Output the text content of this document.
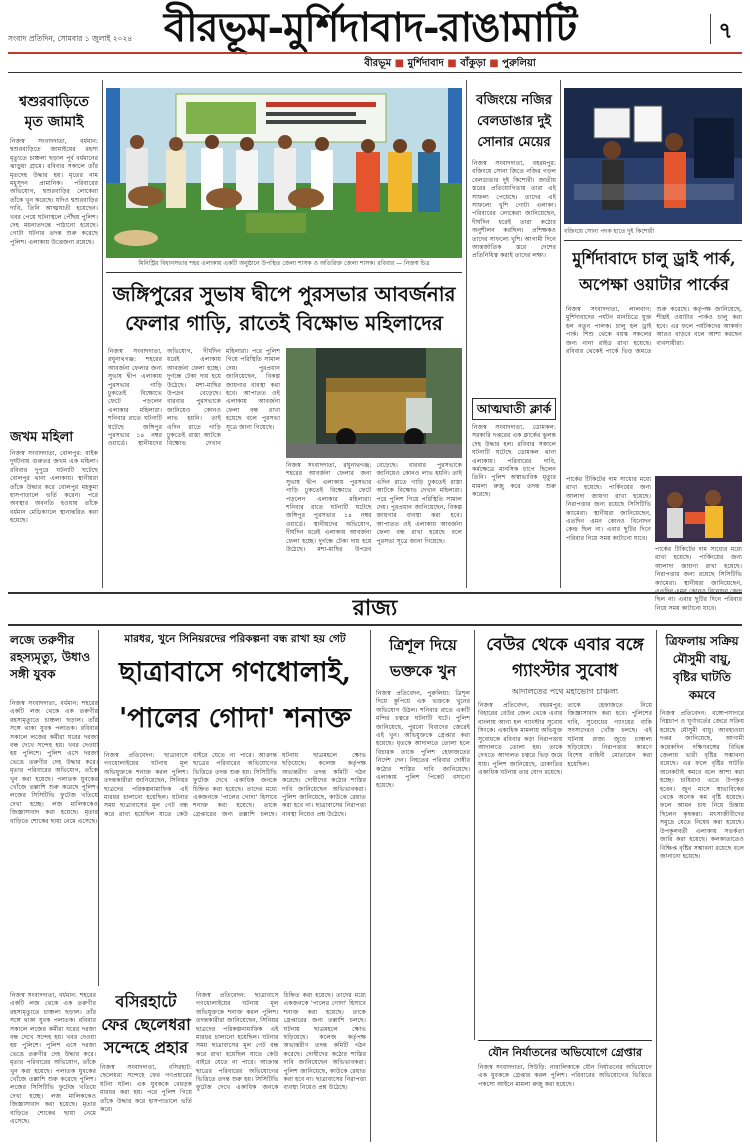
সংবাদ প্রতিদিন, সোমবার ১ জুলাই ২০২৪ বীরভূম-মুর্শিদাবাদ-রাঙামাটি	৭
বীরভূম ■ মুর্শিদাবাদ ■ বাঁকুড়া ■ পুরুলিয়া
শ্বশুরবাড়িতে মৃত জামাই
নিজস্ব সংবাদদাতা, বর্ধমান: শ্বশুরবাড়িতে জামাইয়ের রহস্য মৃত্যুতে চাঞ্চল্য ছড়াল পূর্ব বর্ধমানের ঝাড়ুয়া গ্রামে। রবিবার সকালে তাঁর মৃতদেহ উদ্ধার হয়। মৃতের নাম মধুসূদন প্রামানিক। পরিবারের অভিযোগ, শ্বশুরবাড়ির লোকেরা তাঁকে খুন করেছে। যদিও শ্বশুরবাড়ির দাবি, তিনি আত্মঘাতী হয়েছেন। খবর পেয়ে ঘটনাস্থলে পৌঁছয় পুলিশ। দেহ ময়নাতদন্তে পাঠানো হয়েছে। গোটা ঘটনার তদন্ত শুরু করেছে পুলিশ। এলাকায় উত্তেজনা রয়েছে।
জখম মহিলা
নিজস্ব সংবাদদাতা, বোলপুর: বাইক দুর্ঘটনায় গুরুতর জখম এক মহিলা। রবিবার দুপুরে ঘটনাটি ঘটেছে বোলপুর থানা এলাকায়। স্থানীয়রা তাঁকে উদ্ধার করে বোলপুর মহকুমা হাসপাতালে ভর্তি করেন। পরে অবস্থার অবনতি হওয়ায় তাঁকে বর্ধমান মেডিক্যালে স্থানান্তরিত করা হয়েছে।
মিনিস্ট্রির বিধানসভার শহর এলাকায় একটি অনুষ্ঠানে উপস্থিত জেলা শাসক ও অতিরিক্ত জেলা শাসক। রবিবার — নিজস্ব চিত্র
জঙ্গিপুরের সুভাষ দ্বীপে পুরসভার আবর্জনার ফেলার গাড়ি, রাতেই বিক্ষোভ মহিলাদের
নিজস্ব সংবাদদাতা, রঘুনাথগঞ্জ: শহরের আবর্জনা ফেলার জন্য সুভাষ দ্বীপ এলাকায় পুরসভার গাড়ি ঢুকতেই বিক্ষোভে ফেটে পড়লেন এলাকার মহিলারা। শনিবার রাতে ঘটনাটি ঘটেছে জঙ্গিপুর পুরসভার ১৪ নম্বর ওয়ার্ডে। স্থানীয়দের অভিযোগ, দীর্ঘদিন ধরেই এলাকায় আবর্জনা ফেলা হচ্ছে। দুর্গন্ধে টেকা দায় হয়ে উঠেছে। মশা-মাছির উপদ্রব বেড়েছে। বারবার পুরসভাকে জানিয়েও কোনও লাভ হয়নি। তাই এদিন রাতে গাড়ি ঢুকতেই রাস্তা আটকে বিক্ষোভ দেখান মহিলারা। পরে পুলিশ গিয়ে পরিস্থিতি সামাল দেয়। পুরপ্রধান জানিয়েছেন, বিকল্প জায়গার ব্যবস্থা করা হবে। আপাতত ওই এলাকায় আবর্জনা ফেলা বন্ধ রাখা হয়েছে বলে পুরসভা সূত্রে জানা গিয়েছে।
নিজস্ব সংবাদদাতা, রঘুনাথগঞ্জ: শহরের আবর্জনা ফেলার জন্য সুভাষ দ্বীপ এলাকায় পুরসভার গাড়ি ঢুকতেই বিক্ষোভে ফেটে পড়লেন এলাকার মহিলারা। শনিবার রাতে ঘটনাটি ঘটেছে জঙ্গিপুর পুরসভার ১৪ নম্বর ওয়ার্ডে। স্থানীয়দের অভিযোগ, দীর্ঘদিন ধরেই এলাকায় আবর্জনা ফেলা হচ্ছে। দুর্গন্ধে টেকা দায় হয়ে উঠেছে। মশা-মাছির উপদ্রব বেড়েছে। বারবার পুরসভাকে জানিয়েও কোনও লাভ হয়নি। তাই এদিন রাতে গাড়ি ঢুকতেই রাস্তা আটকে বিক্ষোভ দেখান মহিলারা। পরে পুলিশ গিয়ে পরিস্থিতি সামাল দেয়। পুরপ্রধান জানিয়েছেন, বিকল্প জায়গার ব্যবস্থা করা হবে। আপাতত ওই এলাকায় আবর্জনা ফেলা বন্ধ রাখা হয়েছে বলে পুরসভা সূত্রে জানা গিয়েছে।
বজিংয়ে নজির বেলডাঙার দুই সোনার মেয়ের
নিজস্ব সংবাদদাতা, বহরমপুর: বজিংয়ে সোনা জিতে নজির গড়ল বেলডাঙার দুই কিশোরী। জাতীয় স্তরের প্রতিযোগিতায় তারা এই সাফল্য পেয়েছে। তাদের এই সাফল্যে খুশি গোটা এলাকা। পরিবারের লোকেরা জানিয়েছেন, দীর্ঘদিন ধরেই তারা কঠোর অনুশীলন করছিল। প্রশিক্ষকও তাদের সাফল্যে খুশি। আগামী দিনে আন্তর্জাতিক স্তরে দেশের প্রতিনিধিত্ব করাই তাদের লক্ষ্য।
আত্মঘাতী ক্লার্ক
নিজস্ব সংবাদদাতা, ডোমকল: সরকারি দপ্তরের এক ক্লার্কের ঝুলন্ত দেহ উদ্ধার হল। রবিবার সকালে ঘটনাটি ঘটেছে ডোমকল থানা এলাকায়। পরিবারের দাবি, কর্মক্ষেত্রে মানসিক চাপে ছিলেন তিনি। পুলিশ অস্বাভাবিক মৃত্যুর মামলা রুজু করে তদন্ত শুরু করেছে।
বজিংয়ে সোনা পদক হাতে দুই কিশোরী
মুর্শিদাবাদে চালু ড্রাই পার্ক, অপেক্ষা ওয়াটার পার্কের
নিজস্ব সংবাদদাতা, লালবাগ: মুর্শিদাবাদের পর্যটন মানচিত্রে যুক্ত হল নতুন পালক। চালু হল ড্রাই পার্ক। শিশু থেকে বয়স্ক সকলের জন্য নানা রাইড রাখা হয়েছে। রবিবার থেকেই পার্কে ভিড় জমতে শুরু করেছে। কর্তৃপক্ষ জানিয়েছে, শীঘ্রই ওয়াটার পার্কও চালু করা হবে। এর ফলে পর্যটকদের আকর্ষণ আরও বাড়বে বলে আশা করছেন ব্যবসায়ীরা।
পার্কের টিকিটের দাম সাধ্যের মধ্যে রাখা হয়েছে। পার্কিংয়ের জন্য আলাদা জায়গা রাখা হয়েছে। নিরাপত্তার জন্য রয়েছে সিসিটিভি ক্যামেরা। স্থানীয়রা জানিয়েছেন, এতদিন এমন কোনও বিনোদন কেন্দ্র ছিল না। এবার ছুটির দিনে পরিবার নিয়ে সময় কাটানো যাবে।
পার্কের টিকিটের দাম সাধ্যের মধ্যে রাখা হয়েছে। পার্কিংয়ের জন্য আলাদা জায়গা রাখা হয়েছে। নিরাপত্তার জন্য রয়েছে সিসিটিভি ক্যামেরা। স্থানীয়রা জানিয়েছেন, ছিল না। এবার ছুটির দিনে পরিবার নিয়ে সময় কাটানো যাবে।
রাজ্য
লজে তরুণীর রহস্যমৃত্যু, উধাও সঙ্গী যুবক
নিজস্ব সংবাদদাতা, বর্ধমান: শহরের একটি লজ থেকে এক তরুণীর রহস্যমৃত্যুতে চাঞ্চল্য ছড়াল। তাঁর সঙ্গে থাকা যুবক পলাতক। রবিবার সকালে লজের কর্মীরা ঘরের দরজা বন্ধ দেখে সন্দেহ হয়। খবর দেওয়া হয় পুলিশে। পুলিশ এসে দরজা ভেঙে তরুণীর দেহ উদ্ধার করে। মৃতার পরিবারের অভিযোগ, তাঁকে খুন করা হয়েছে। পলাতক যুবকের খোঁজে তল্লাশি শুরু করেছে পুলিশ। লজের সিসিটিভি ফুটেজ খতিয়ে দেখা হচ্ছে। লজ মালিককেও জিজ্ঞাসাবাদ করা হয়েছে। মৃতার বাড়িতে শোকের ছায়া নেমে এসেছে।
বসিরহাটে ফের ছেলেধরা সন্দেহে প্রহার
নিজস্ব সংবাদদাতা, বর্ধমান: শহরের একটি লজ থেকে এক তরুণীর রহস্যমৃত্যুতে চাঞ্চল্য ছড়াল। তাঁর সঙ্গে থাকা যুবক পলাতক। রবিবার সকালে লজের কর্মীরা ঘরের দরজা বন্ধ দেখে সন্দেহ হয়। খবর দেওয়া হয় পুলিশে। পুলিশ এসে দরজা ভেঙে তরুণীর দেহ উদ্ধার করে। মৃতার পরিবারের অভিযোগ, তাঁকে খুন করা হয়েছে। পলাতক যুবকের খোঁজে তল্লাশি শুরু করেছে পুলিশ। লজের সিসিটিভি ফুটেজ খতিয়ে দেখা হচ্ছে। লজ মালিককেও জিজ্ঞাসাবাদ করা হয়েছে। মৃতার বাড়িতে শোকের ছায়া নেমে এসেছে।
নিজস্ব সংবাদদাতা, বসিরহাট: ছেলেধরা সন্দেহে ফের গণপ্রহারের ঘটনা ঘটল। এক যুবককে বেধড়ক মারধর করা হয়। পরে পুলিশ গিয়ে তাঁকে উদ্ধার করে হাসপাতালে ভর্তি করে।
মারধর, খুনে সিনিয়রদের পরিকল্পনা বন্ধ রাখা হয় গেট
ছাত্রাবাসে গণধোলাই, 'পালের গোদা' শনাক্ত
নিজস্ব প্রতিবেদন: ছাত্রাবাসে গণধোলাইয়ের ঘটনায় মূল অভিযুক্তকে শনাক্ত করল পুলিশ। তদন্তকারীরা জানিয়েছেন, সিনিয়র ছাত্রদের পরিকল্পনামাফিক এই মারধর চালানো হয়েছিল। ঘটনার সময় ছাত্রাবাসের মূল গেট বন্ধ করে রাখা হয়েছিল যাতে কেউ বাইরে যেতে না পারে। আক্রান্ত ছাত্রের পরিবারের অভিযোগের ভিত্তিতে তদন্ত শুরু হয়। সিসিটিভি ফুটেজ দেখে একাধিক জনকে চিহ্নিত করা হয়েছে। তাদের মধ্যে একজনকে 'পালের গোদা' হিসাবে শনাক্ত করা হয়েছে। তাকে গ্রেপ্তারের জন্য তল্লাশি চলছে। ঘটনায় ছাত্রমহলে ক্ষোভ ছড়িয়েছে। কলেজ কর্তৃপক্ষ অভ্যন্তরীণ তদন্ত কমিটি গঠন করেছে। দোষীদের কঠোর শাস্তির দাবি জানিয়েছেন অভিভাবকরা। পুলিশ জানিয়েছে, কাউকে রেয়াত করা হবে না। ছাত্রাবাসের নিরাপত্তা ব্যবস্থা নিয়েও প্রশ্ন উঠেছে।
নিজস্ব প্রতিবেদন: ছাত্রাবাসে গণধোলাইয়ের ঘটনায় মূল অভিযুক্তকে শনাক্ত করল পুলিশ। তদন্তকারীরা জানিয়েছেন, সিনিয়র ছাত্রদের পরিকল্পনামাফিক এই মারধর চালানো হয়েছিল। ঘটনার সময় ছাত্রাবাসের মূল গেট বন্ধ করে রাখা হয়েছিল যাতে কেউ বাইরে যেতে না পারে। আক্রান্ত ছাত্রের পরিবারের অভিযোগের ভিত্তিতে তদন্ত শুরু হয়। সিসিটিভি ফুটেজ দেখে একাধিক জনকে চিহ্নিত করা হয়েছে। তাদের মধ্যে একজনকে 'পালের গোদা' হিসাবে শনাক্ত করা হয়েছে। তাকে গ্রেপ্তারের জন্য তল্লাশি চলছে। ঘটনায় ছাত্রমহলে ক্ষোভ ছড়িয়েছে। কলেজ কর্তৃপক্ষ অভ্যন্তরীণ তদন্ত কমিটি গঠন করেছে। দোষীদের কঠোর শাস্তির দাবি জানিয়েছেন অভিভাবকরা। পুলিশ জানিয়েছে, কাউকে রেয়াত করা হবে না। ছাত্রাবাসের নিরাপত্তা ব্যবস্থা নিয়েও প্রশ্ন উঠেছে।
ত্রিশূল দিয়ে ভক্তকে খুন
নিজস্ব প্রতিবেদন, পুরুলিয়া: ত্রিশূল দিয়ে কুপিয়ে এক ভক্তকে খুনের অভিযোগ উঠল। শনিবার রাতে একটি মন্দির চত্বরে ঘটনাটি ঘটে। পুলিশ জানিয়েছে, পুরনো বিবাদের জেরেই এই খুন। অভিযুক্তকে গ্রেপ্তার করা হয়েছে। ধৃতকে আদালতে তোলা হলে বিচারক তাকে পুলিশ হেফাজতের নির্দেশ দেন। নিহতের পরিবার দোষীর কঠোর শাস্তির দাবি জানিয়েছে। এলাকায় পুলিশ পিকেট বসানো হয়েছে।
বেউর থেকে এবার বঙ্গে গ্যাংস্টার সুবোধ
আদালতের পথে মহাভোগ চাঞ্চল্য
নিজস্ব প্রতিবেদন, বহরমপুর: বিহারের বেউর জেল থেকে এবার বাংলায় আনা হল গ্যাংস্টার সুবোধ সিংকে। একাধিক মামলায় অভিযুক্ত সুবোধকে রবিবার কড়া নিরাপত্তায় আদালতে তোলা হয়। তাকে দেখতে আদালত চত্বরে ভিড় জমে যায়। পুলিশ জানিয়েছে, ডাকাতির একাধিক ঘটনায় তার যোগ রয়েছে। তাকে হেফাজতে নিয়ে জিজ্ঞাসাবাদ করা হবে। পুলিশের দাবি, সুবোধের গ্যাংয়ের বাকি সদস্যদেরও খোঁজ চলছে। এই ঘটনায় রাজ্য জুড়ে চাঞ্চল্য ছড়িয়েছে। নিরাপত্তার কারণে বিশেষ বাহিনী মোতায়েন করা হয়েছিল।
যৌন নির্যাতনের অভিযোগে গ্রেপ্তার
নিজস্ব সংবাদদাতা, সিউড়ি: নাবালিকাকে যৌন নির্যাতনের অভিযোগে এক যুবককে গ্রেপ্তার করল পুলিশ। পরিবারের অভিযোগের ভিত্তিতে পকসো আইনে মামলা রুজু করা হয়েছে।
ত্রিফলায় সক্রিয় মৌসুমী বায়ু, বৃষ্টির ঘাটতি কমবে
নিজস্ব প্রতিবেদন: বঙ্গোপসাগরে নিম্নচাপ ও ঘূর্ণাবর্তের জেরে সক্রিয় হয়েছে মৌসুমী বায়ু। আবহাওয়া দপ্তর জানিয়েছে, আগামী কয়েকদিন দক্ষিণবঙ্গের বিভিন্ন জেলায় ভারী বৃষ্টির সম্ভাবনা রয়েছে। এর ফলে বৃষ্টির ঘাটতি অনেকটাই কমবে বলে আশা করা হচ্ছে। চাষিরাও এতে উপকৃত হবেন। জুন মাসে স্বাভাবিকের থেকে অনেক কম বৃষ্টি হয়েছে। ফলে আমন চাষ নিয়ে চিন্তায় ছিলেন কৃষকরা। মৎস্যজীবীদের সমুদ্রে যেতে নিষেধ করা হয়েছে। উপকূলবর্তী এলাকায় সতর্কতা জারি করা হয়েছে। কলকাতাতেও বিক্ষিপ্ত বৃষ্টির সম্ভাবনা রয়েছে বলে জানানো হয়েছে।
